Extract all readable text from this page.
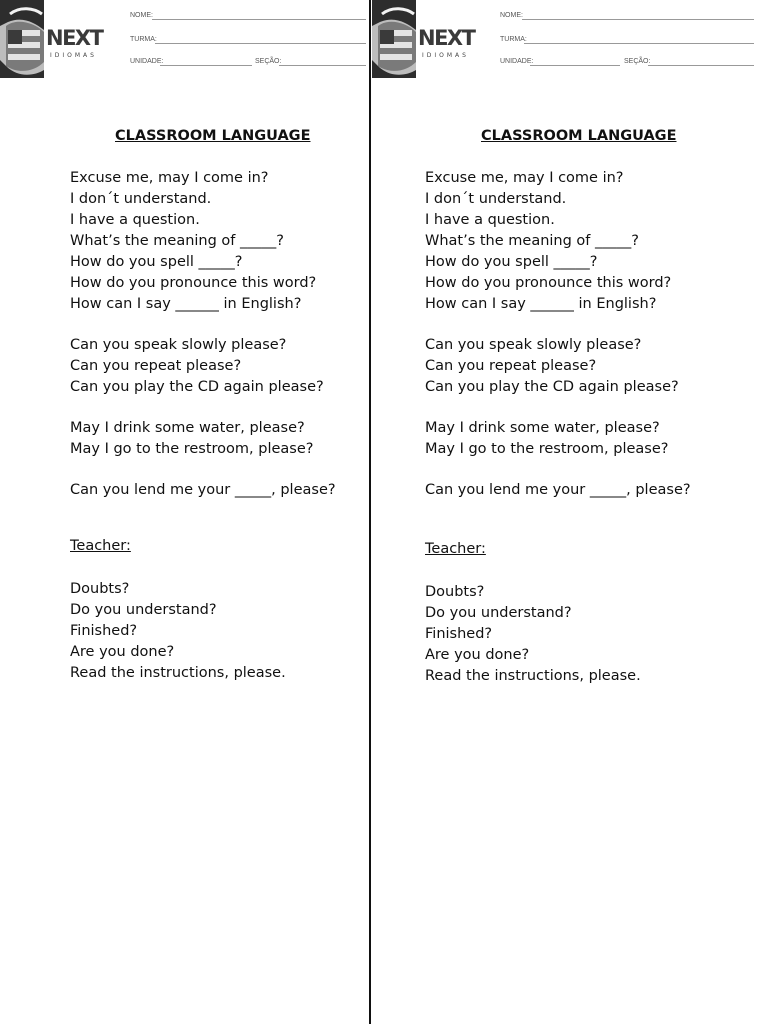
NEXT
IDIOMAS
NOME:
TURMA:
UNIDADE:	SEÇÃO:
CLASSROOM LANGUAGE
Excuse me, may I come in?
I don´t understand.
I have a question.
What’s the meaning of _____?
How do you spell _____?
How do you pronounce this word?
How can I say ______ in English?
Can you speak slowly please?
Can you repeat please?
Can you play the CD again please?
May I drink some water, please?
May I go to the restroom, please?
Can you lend me your _____, please?
Teacher:
Doubts?
Do you understand?
Finished?
Are you done?
Read the instructions, please.
NEXT
IDIOMAS
NOME:
TURMA:
UNIDADE:	SEÇÃO:
CLASSROOM LANGUAGE
Excuse me, may I come in?
I don´t understand.
I have a question.
What’s the meaning of _____?
How do you spell _____?
How do you pronounce this word?
How can I say ______ in English?
Can you speak slowly please?
Can you repeat please?
Can you play the CD again please?
May I drink some water, please?
May I go to the restroom, please?
Can you lend me your _____, please?
Teacher:
Doubts?
Do you understand?
Finished?
Are you done?
Read the instructions, please.
